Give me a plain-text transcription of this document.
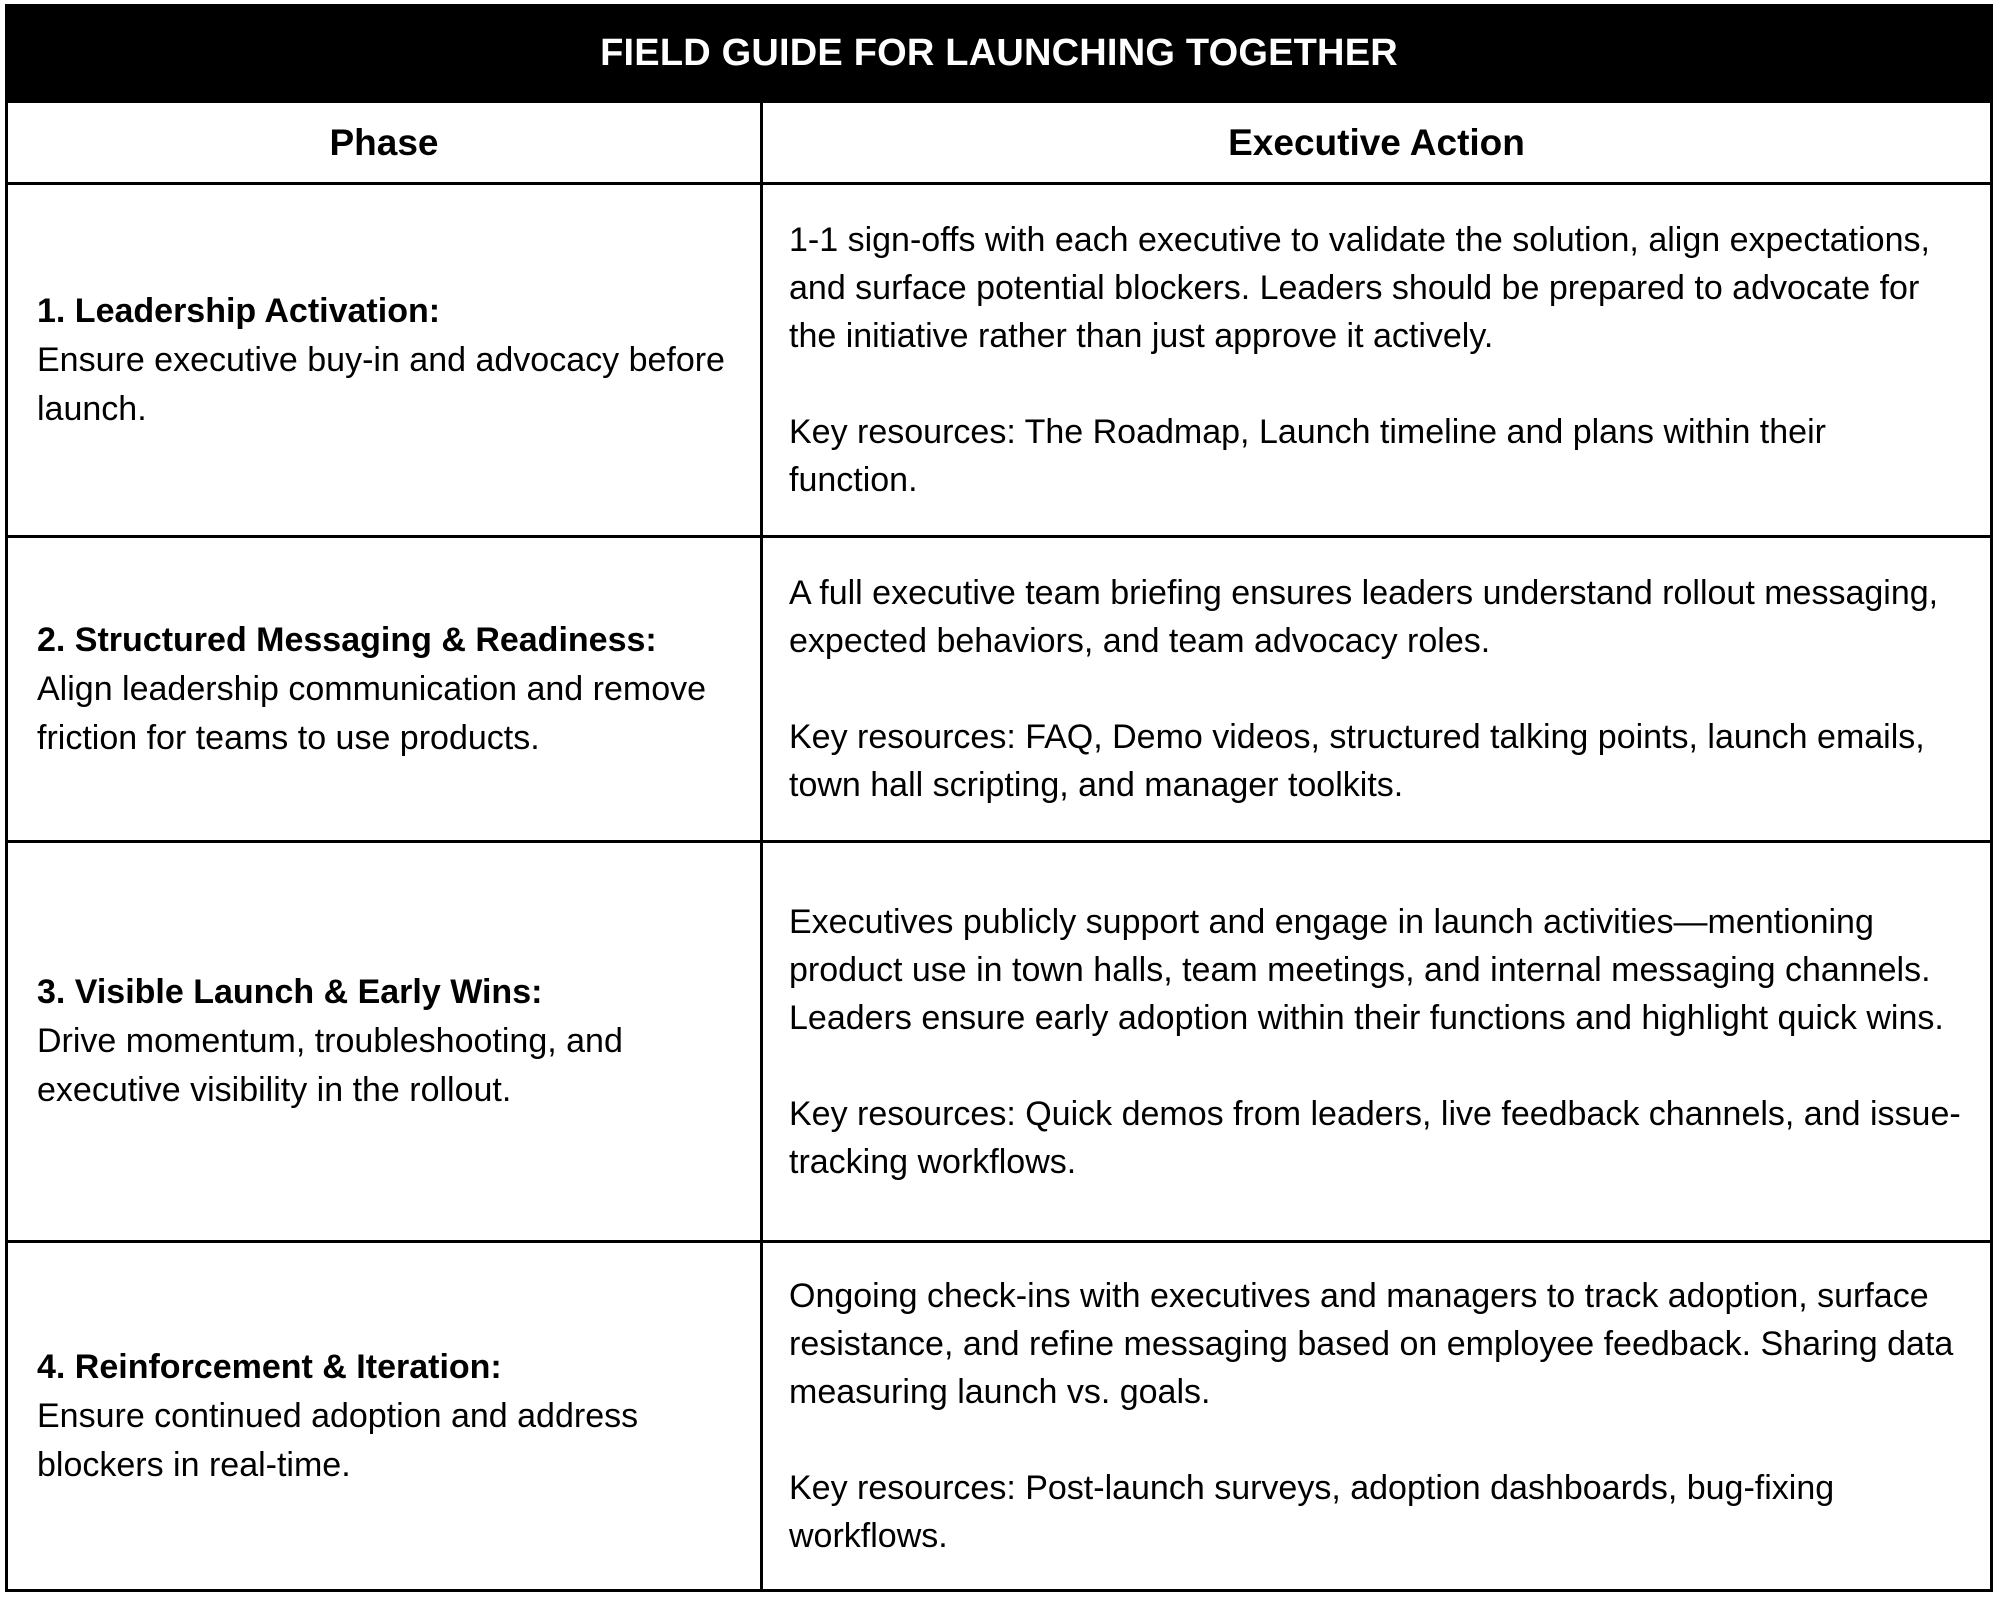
FIELD GUIDE FOR LAUNCHING TOGETHER
Phase	Executive Action
1. Leadership Activation:
Ensure executive buy-in and advocacy before launch.

1-1 sign-offs with each executive to validate the solution, align expectations, and surface potential blockers. Leaders should be prepared to advocate for the initiative rather than just approve it actively.

Key resources: The Roadmap, Launch timeline and plans within their function.

2. Structured Messaging & Readiness:
Align leadership communication and remove friction for teams to use products.

A full executive team briefing ensures leaders understand rollout messaging, expected behaviors, and team advocacy roles.

Key resources: FAQ, Demo videos, structured talking points, launch emails, town hall scripting, and manager toolkits.

3. Visible Launch & Early Wins:
Drive momentum, troubleshooting, and executive visibility in the rollout.

Executives publicly support and engage in launch activities—mentioning product use in town halls, team meetings, and internal messaging channels. Leaders ensure early adoption within their functions and highlight quick wins.

Key resources: Quick demos from leaders, live feedback channels, and issue-tracking workflows.

4. Reinforcement & Iteration:
Ensure continued adoption and address blockers in real-time.

Ongoing check-ins with executives and managers to track adoption, surface resistance, and refine messaging based on employee feedback. Sharing data measuring launch vs. goals.

Key resources: Post-launch surveys, adoption dashboards, bug-fixing workflows.
